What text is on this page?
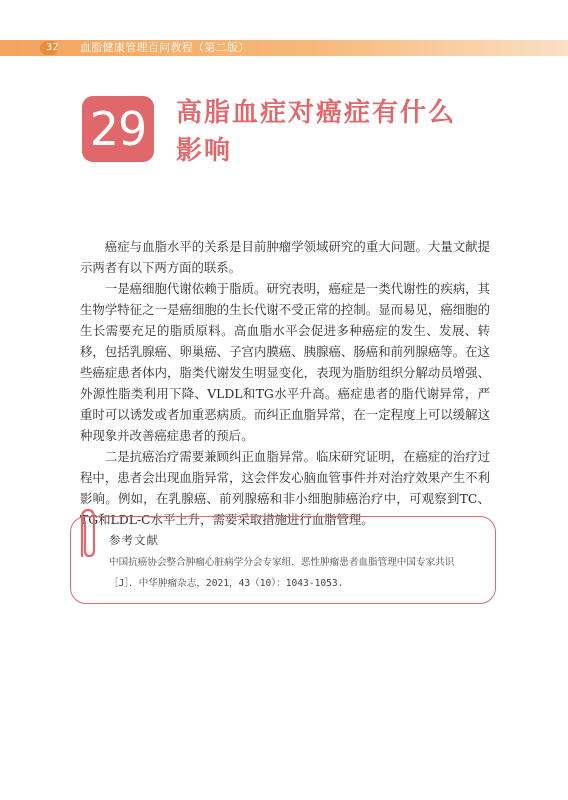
32 血脂健康管理百问教程（第二版）
29 高脂血症对癌症有什么影响

癌症与血脂水平的关系是目前肿瘤学领域研究的重大问题。大量文献提示两者有以下两方面的联系。

一是癌细胞代谢依赖于脂质。研究表明，癌症是一类代谢性的疾病，其生物学特征之一是癌细胞的生长代谢不受正常的控制。显而易见，癌细胞的生长需要充足的脂质原料。高血脂水平会促进多种癌症的发生、发展、转移，包括乳腺癌、卵巢癌、子宫内膜癌、胰腺癌、肠癌和前列腺癌等。在这些癌症患者体内，脂类代谢发生明显变化，表现为脂肪组织分解动员增强、外源性脂类利用下降、VLDL和TG水平升高。癌症患者的脂代谢异常，严重时可以诱发或者加重恶病质。而纠正血脂异常，在一定程度上可以缓解这种现象并改善癌症患者的预后。

二是抗癌治疗需要兼顾纠正血脂异常。临床研究证明，在癌症的治疗过程中，患者会出现血脂异常，这会伴发心脑血管事件并对治疗效果产生不利影响。例如，在乳腺癌、前列腺癌和非小细胞肺癌治疗中，可观察到TC、TG和LDL-C水平上升，需要采取措施进行血脂管理。

参考文献
中国抗癌协会整合肿瘤心脏病学分会专家组．恶性肿瘤患者血脂管理中国专家共识［J］．中华肿瘤杂志，2021，43（10）：1043-1053.
